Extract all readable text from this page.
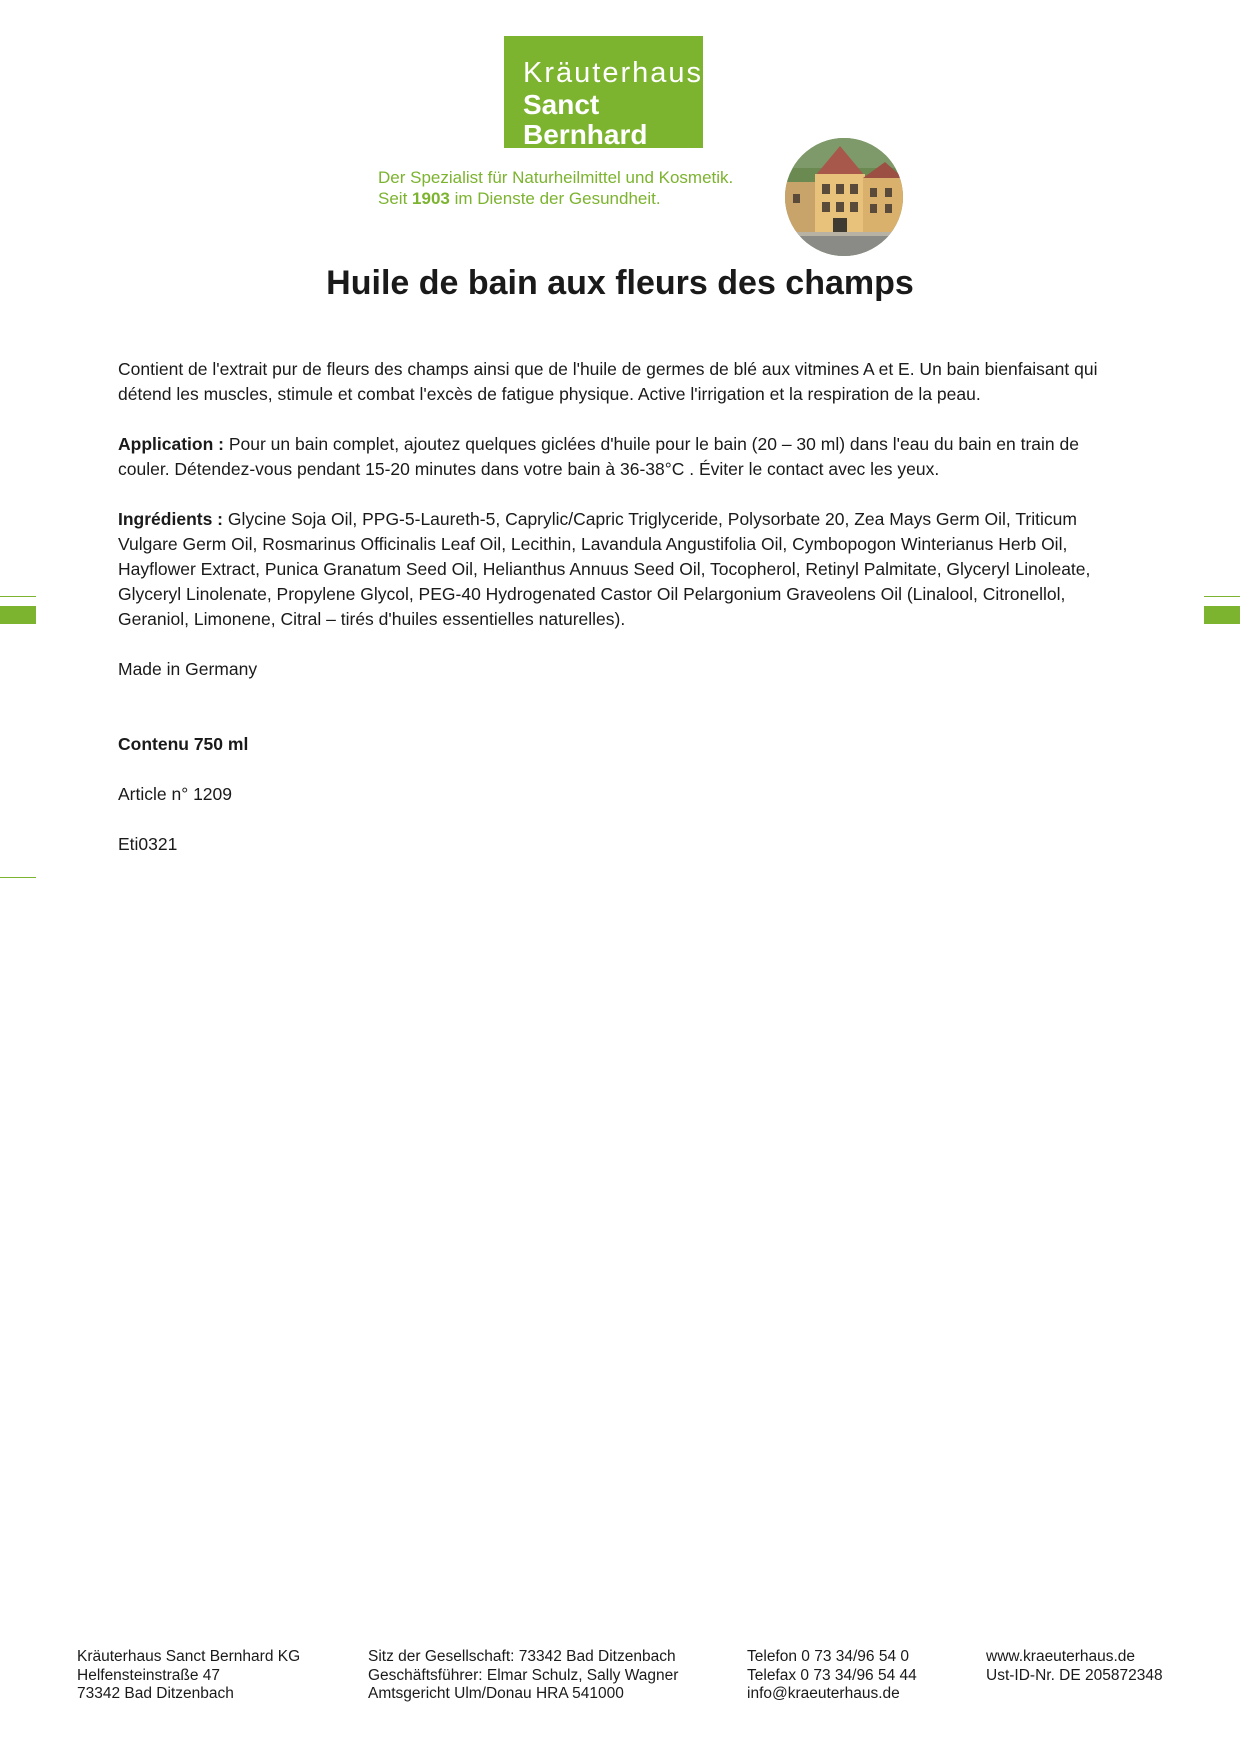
Kräuterhaus
Sanct Bernhard
Der Spezialist für Naturheilmittel und Kosmetik.
Seit 1903 im Dienste der Gesundheit.
Huile de bain aux fleurs des champs

Contient de l'extrait pur de fleurs des champs ainsi que de l'huile de germes de blé aux vitmines A et E. Un bain bienfaisant qui détend les muscles, stimule et combat l'excès de fatigue physique. Active l'irrigation et la respiration de la peau.

Application : Pour un bain complet, ajoutez quelques giclées d'huile pour le bain (20 – 30 ml) dans l'eau du bain en train de couler. Détendez-vous pendant 15-20 minutes dans votre bain à 36-38°C . Éviter le contact avec les yeux.

Ingrédients : Glycine Soja Oil, PPG-5-Laureth-5, Caprylic/Capric Triglyceride, Polysorbate 20, Zea Mays Germ Oil, Triticum Vulgare Germ Oil, Rosmarinus Officinalis Leaf Oil, Lecithin, Lavandula Angustifolia Oil, Cymbopogon Winterianus Herb Oil, Hayflower Extract, Punica Granatum Seed Oil, Helianthus Annuus Seed Oil, Tocopherol, Retinyl Palmitate, Glyceryl Linoleate, Glyceryl Linolenate, Propylene Glycol, PEG-40 Hydrogenated Castor Oil Pelargonium Graveolens Oil (Linalool, Citronellol, Geraniol, Limonene, Citral – tirés d'huiles essentielles naturelles).

Made in Germany

Contenu 750 ml

Article n° 1209

Eti0321

Kräuterhaus Sanct Bernhard KG
Helfensteinstraße 47
73342 Bad Ditzenbach
Sitz der Gesellschaft: 73342 Bad Ditzenbach
Geschäftsführer: Elmar Schulz, Sally Wagner
Amtsgericht Ulm/Donau HRA 541000
Telefon 0 73 34/96 54 0
Telefax 0 73 34/96 54 44
info@kraeuterhaus.de
www.kraeuterhaus.de
Ust-ID-Nr. DE 205872348
